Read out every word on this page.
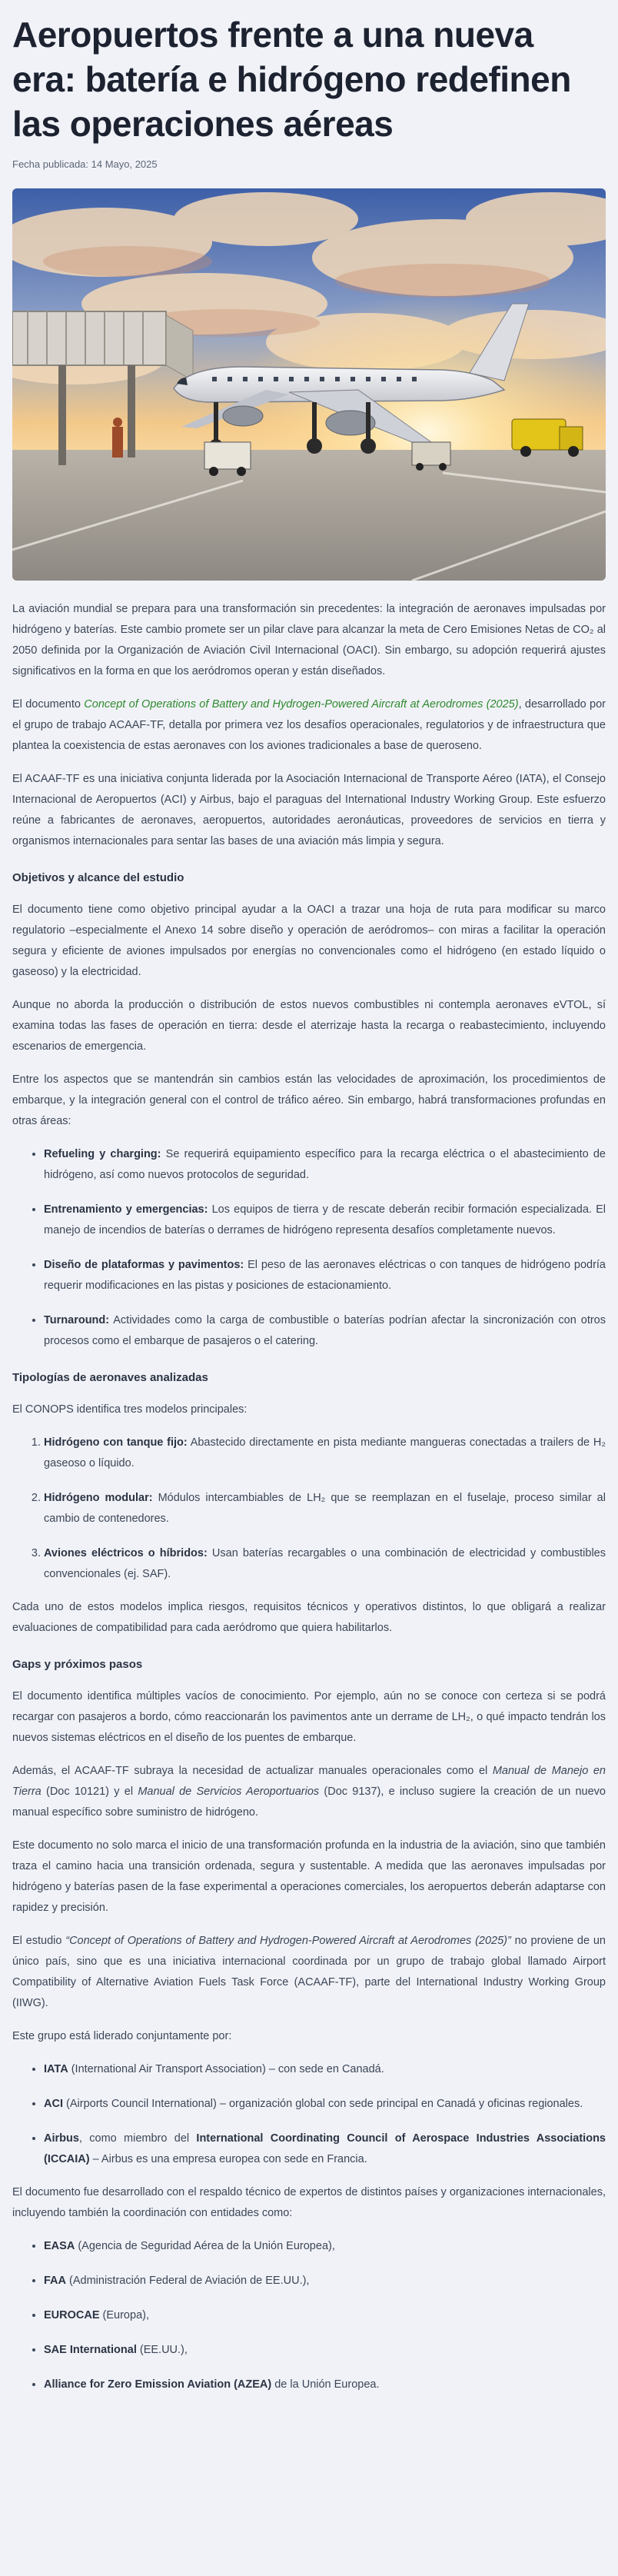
Aeropuertos frente a una nueva era: batería e hidrógeno redefinen las operaciones aéreas
Fecha publicada: 14 Mayo, 2025

La aviación mundial se prepara para una transformación sin precedentes: la integración de aeronaves impulsadas por hidrógeno y baterías. Este cambio promete ser un pilar clave para alcanzar la meta de Cero Emisiones Netas de CO₂ al 2050 definida por la Organización de Aviación Civil Internacional (OACI). Sin embargo, su adopción requerirá ajustes significativos en la forma en que los aeródromos operan y están diseñados.

El documento Concept of Operations of Battery and Hydrogen-Powered Aircraft at Aerodromes (2025), desarrollado por el grupo de trabajo ACAAF-TF, detalla por primera vez los desafíos operacionales, regulatorios y de infraestructura que plantea la coexistencia de estas aeronaves con los aviones tradicionales a base de queroseno.

El ACAAF-TF es una iniciativa conjunta liderada por la Asociación Internacional de Transporte Aéreo (IATA), el Consejo Internacional de Aeropuertos (ACI) y Airbus, bajo el paraguas del International Industry Working Group. Este esfuerzo reúne a fabricantes de aeronaves, aeropuertos, autoridades aeronáuticas, proveedores de servicios en tierra y organismos internacionales para sentar las bases de una aviación más limpia y segura.

Objetivos y alcance del estudio

El documento tiene como objetivo principal ayudar a la OACI a trazar una hoja de ruta para modificar su marco regulatorio –especialmente el Anexo 14 sobre diseño y operación de aeródromos– con miras a facilitar la operación segura y eficiente de aviones impulsados por energías no convencionales como el hidrógeno (en estado líquido o gaseoso) y la electricidad.

Aunque no aborda la producción o distribución de estos nuevos combustibles ni contempla aeronaves eVTOL, sí examina todas las fases de operación en tierra: desde el aterrizaje hasta la recarga o reabastecimiento, incluyendo escenarios de emergencia.

Entre los aspectos que se mantendrán sin cambios están las velocidades de aproximación, los procedimientos de embarque, y la integración general con el control de tráfico aéreo. Sin embargo, habrá transformaciones profundas en otras áreas:

• Refueling y charging: Se requerirá equipamiento específico para la recarga eléctrica o el abastecimiento de hidrógeno, así como nuevos protocolos de seguridad.
• Entrenamiento y emergencias: Los equipos de tierra y de rescate deberán recibir formación especializada. El manejo de incendios de baterías o derrames de hidrógeno representa desafíos completamente nuevos.
• Diseño de plataformas y pavimentos: El peso de las aeronaves eléctricas o con tanques de hidrógeno podría requerir modificaciones en las pistas y posiciones de estacionamiento.
• Turnaround: Actividades como la carga de combustible o baterías podrían afectar la sincronización con otros procesos como el embarque de pasajeros o el catering.
Tipologías de aeronaves analizadas

El CONOPS identifica tres modelos principales:

1. Hidrógeno con tanque fijo: Abastecido directamente en pista mediante mangueras conectadas a trailers de H₂ gaseoso o líquido.
2. Hidrógeno modular: Módulos intercambiables de LH₂ que se reemplazan en el fuselaje, proceso similar al cambio de contenedores.
3. Aviones eléctricos o híbridos: Usan baterías recargables o una combinación de electricidad y combustibles convencionales (ej. SAF).

Cada uno de estos modelos implica riesgos, requisitos técnicos y operativos distintos, lo que obligará a realizar evaluaciones de compatibilidad para cada aeródromo que quiera habilitarlos.

Gaps y próximos pasos

El documento identifica múltiples vacíos de conocimiento. Por ejemplo, aún no se conoce con certeza si se podrá recargar con pasajeros a bordo, cómo reaccionarán los pavimentos ante un derrame de LH₂, o qué impacto tendrán los nuevos sistemas eléctricos en el diseño de los puentes de embarque.

Además, el ACAAF-TF subraya la necesidad de actualizar manuales operacionales como el Manual de Manejo en Tierra (Doc 10121) y el Manual de Servicios Aeroportuarios (Doc 9137), e incluso sugiere la creación de un nuevo manual específico sobre suministro de hidrógeno.

Este documento no solo marca el inicio de una transformación profunda en la industria de la aviación, sino que también traza el camino hacia una transición ordenada, segura y sustentable. A medida que las aeronaves impulsadas por hidrógeno y baterías pasen de la fase experimental a operaciones comerciales, los aeropuertos deberán adaptarse con rapidez y precisión.

El estudio “Concept of Operations of Battery and Hydrogen-Powered Aircraft at Aerodromes (2025)” no proviene de un único país, sino que es una iniciativa internacional coordinada por un grupo de trabajo global llamado Airport Compatibility of Alternative Aviation Fuels Task Force (ACAAF-TF), parte del International Industry Working Group (IIWG).

Este grupo está liderado conjuntamente por:

• IATA (International Air Transport Association) – con sede en Canadá.
• ACI (Airports Council International) – organización global con sede principal en Canadá y oficinas regionales.
• Airbus, como miembro del International Coordinating Council of Aerospace Industries Associations (ICCAIA) – Airbus es una empresa europea con sede en Francia.

El documento fue desarrollado con el respaldo técnico de expertos de distintos países y organizaciones internacionales, incluyendo también la coordinación con entidades como:

• EASA (Agencia de Seguridad Aérea de la Unión Europea),
• FAA (Administración Federal de Aviación de EE.UU.),
• EUROCAE (Europa),
• SAE International (EE.UU.),
• Alliance for Zero Emission Aviation (AZEA) de la Unión Europea.
